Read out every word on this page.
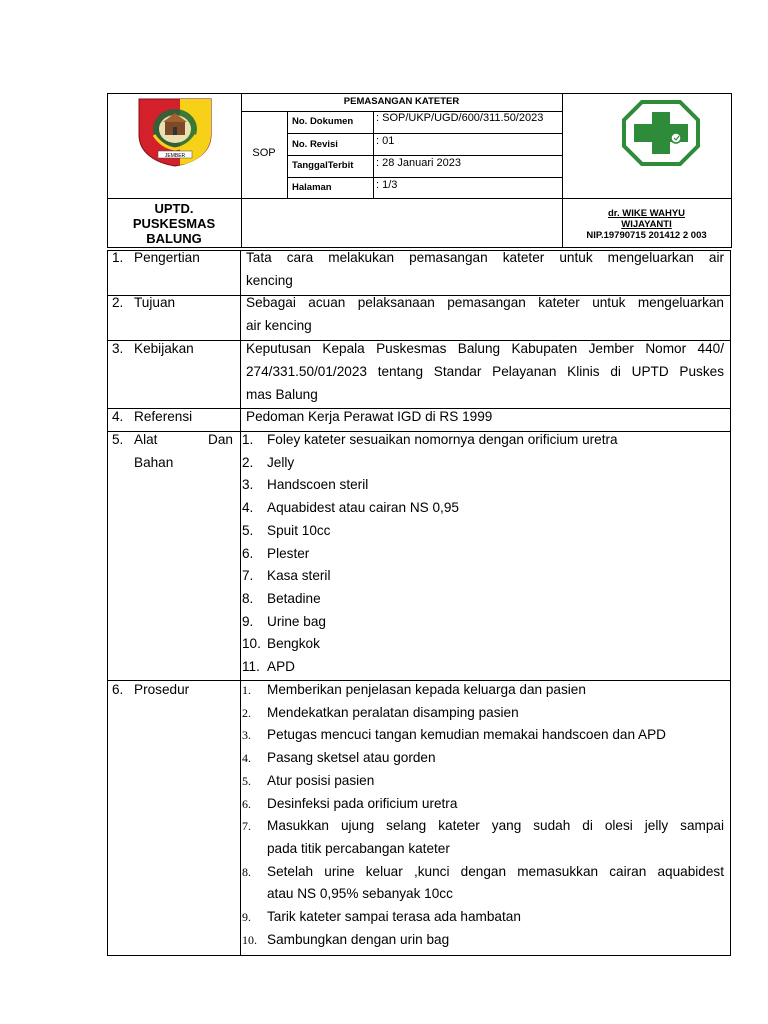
JEMBER
UPTD.
PUSKESMAS
BALUNG
PEMASANGAN KATETER
SOP
No. Dokumen : SOP/UKP/UGD/600/311.50/2023
No. Revisi	: 01
TanggalTerbit : 28 Januari 2023
Halaman	: 1/3
dr. WIKE WAHYU
WIJAYANTI
NIP.19790715 201412 2 003
1. Pengertian	Tata cara melakukan pemasangan kateter untuk mengeluarkan air
kencing
2. Tujuan	Sebagai acuan pelaksanaan pemasangan kateter untuk mengeluarkan
air kencing
3. Kebijakan	Keputusan Kepala Puskesmas Balung Kabupaten Jember Nomor 440/
274/331.50/01/2023 tentang Standar Pelayanan Klinis di UPTD Puskes
mas Balung
4. Referensi	Pedoman Kerja Perawat IGD di RS 1999
5. Alat	Dan
Bahan
1.	Foley kateter sesuaikan nomornya dengan orificium uretra
2.	Jelly
3.	Handscoen steril
4.	Aquabidest atau cairan NS 0,95
5.	Spuit 10cc
6.	Plester
7.	Kasa steril
8.	Betadine
9.	Urine bag
10. Bengkok
11. APD
6. Prosedur	1.	Memberikan penjelasan kepada keluarga dan pasien
2.	Mendekatkan peralatan disamping pasien
3.	Petugas mencuci tangan kemudian memakai handscoen dan APD
4.	Pasang sketsel atau gorden
5.	Atur posisi pasien
6.	Desinfeksi pada orificium uretra
7.	Masukkan ujung selang kateter yang sudah di olesi jelly sampai
pada titik percabangan kateter
8.	Setelah urine keluar ,kunci dengan memasukkan cairan aquabidest
atau NS 0,95% sebanyak 10cc
9.	Tarik kateter sampai terasa ada hambatan
10. Sambungkan dengan urin bag
